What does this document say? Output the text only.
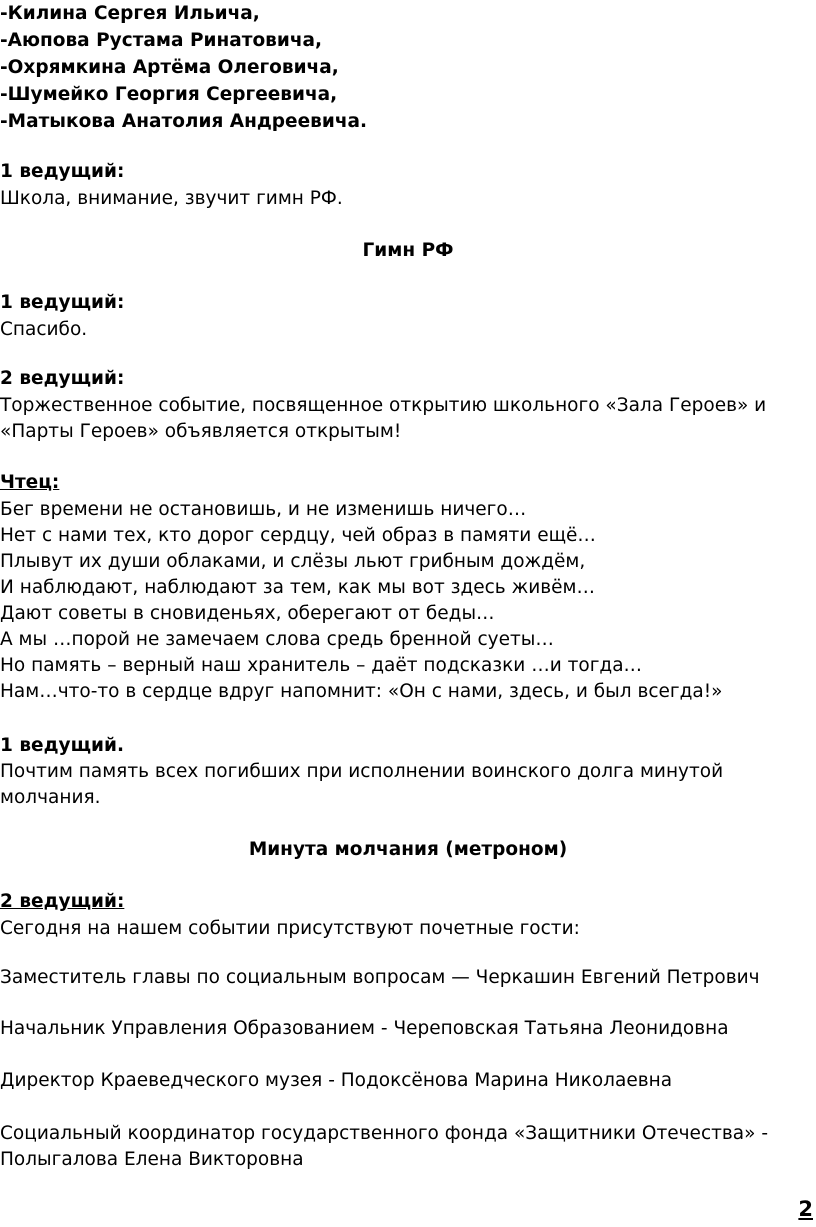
-Килина Сергея Ильича,

-Аюпова Рустама Ринатовича,

-Охрямкина Артёма Олеговича,

-Шумейко Георгия Сергеевича,

-Матыкова Анатолия Андреевича.

1 ведущий:

Школа, внимание, звучит гимн РФ.

Гимн РФ

1 ведущий:

Спасибо.

2 ведущий:

Торжественное событие, посвященное открытию школьного «Зала Героев» и

«Парты Героев» объявляется открытым!

Чтец:

Бег времени не остановишь, и не изменишь ничего…

Нет с нами тех, кто дорог сердцу, чей образ в памяти ещё…

Плывут их души облаками, и слёзы льют грибным дождём,

И наблюдают, наблюдают за тем, как мы вот здесь живём…

Дают советы в сновиденьях, оберегают от беды…

А мы …порой не замечаем слова средь бренной суеты…

Но память – верный наш хранитель – даёт подсказки …и тогда…

Нам…что-то в сердце вдруг напомнит: «Он с нами, здесь, и был всегда!»

1 ведущий.

Почтим память всех погибших при исполнении воинского долга минутой

молчания.

Минута молчания (метроном)

2 ведущий:

Сегодня на нашем событии присутствуют почетные гости:

Заместитель главы по социальным вопросам — Черкашин Евгений Петрович

Начальник Управления Образованием - Череповская Татьяна Леонидовна

Директор Краеведческого музея - Подоксёнова Марина Николаевна

Социальный координатор государственного фонда «Защитники Отечества» -

Полыгалова Елена Викторовна

2
